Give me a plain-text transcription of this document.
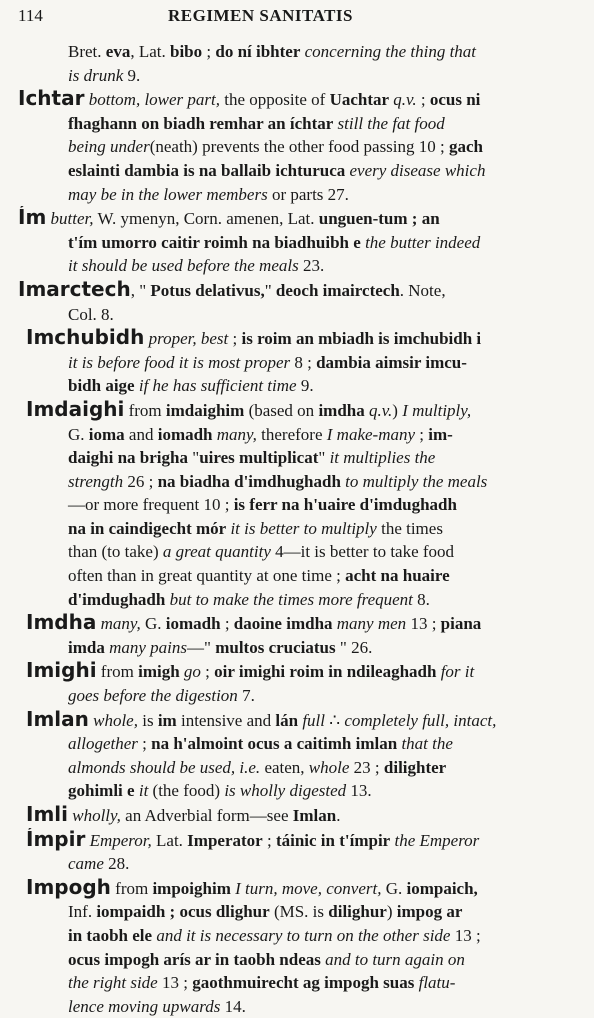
114	REGIMEN SANITATIS
Bret. eva, Lat. bibo ; do ní ibhter concerning the thing that
is drunk 9.
Ichtar bottom, lower part, the opposite of Uachtar q.v. ; ocus ni
fhaghann on biadh remhar an íchtar still the fat food
being under(neath) prevents the other food passing 10 ; gach
eslainti dambia is na ballaib ichturuca every disease which
may be in the lower members or parts 27.
Ím butter, W. ymenyn, Corn. amenen, Lat. unguen-tum ; an
t'ím umorro caitir roimh na biadhuibh e the butter indeed
it should be used before the meals 23.
Imarctech, " Potus delativus," deoch imairctech. Note,
Col. 8.
Imchubidh proper, best ; is roim an mbiadh is imchubidh i
it is before food it is most proper 8 ; dambia aimsir imcu-
bidh aige if he has sufficient time 9.
Imdaighi from imdaighim (based on imdha q.v.) I multiply,
G. ioma and iomadh many, therefore I make-many ; im-
daighi na brigha "uires multiplicat" it multiplies the
strength 26 ; na biadha d'imdhughadh to multiply the meals
—or more frequent 10 ; is ferr na h'uaire d'imdughadh
na in caindigecht mór it is better to multiply the times
than (to take) a great quantity 4—it is better to take food
often than in great quantity at one time ; acht na huaire
d'imdughadh but to make the times more frequent 8.
Imdha many, G. iomadh ; daoine imdha many men 13 ; piana
imda many pains—" multos cruciatus " 26.
Imighi from imigh go ; oir imighi roim in ndileaghadh for it
goes before the digestion 7.
Imlan whole, is im intensive and lán full ∴ completely full, intact,
allogether ; na h'almoint ocus a caitimh imlan that the
almonds should be used, i.e. eaten, whole 23 ; dilighter
gohimli e it (the food) is wholly digested 13.
Imli wholly, an Adverbial form—see Imlan.
Ímpir Emperor, Lat. Imperator ; táinic in t'ímpir the Emperor
came 28.
Impogh from impoighim I turn, move, convert, G. iompaich,
Inf. iompaidh ; ocus dlighur (MS. is dilighur) impog ar
in taobh ele and it is necessary to turn on the other side 13 ;
ocus impogh arís ar in taobh ndeas and to turn again on
the right side 13 ; gaothmuirecht ag impogh suas flatu-
lence moving upwards 14.
